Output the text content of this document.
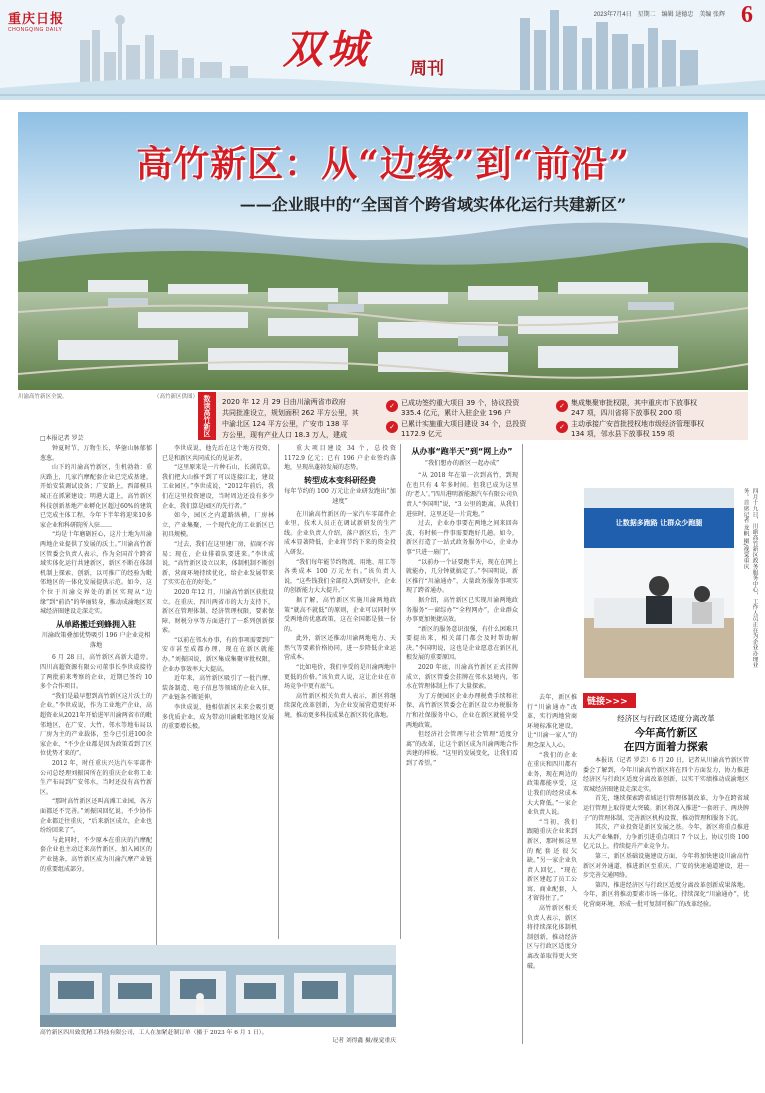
重庆日报
CHONGQING DAILY
2023年7月4日 星期二 编辑 逯德忠 美编 张辉 6
双城 周刊
高竹新区：从“边缘”到“前沿”
——企业眼中的“全国首个跨省域实体化运行共建新区”
川渝高竹新区全貌。	（高竹新区供图） 数读高竹新区	2020 年 12 月 29 日由川渝两省市政府
共同批准设立，规划面积 262 平方公里，其
中渝北区 124 平方公里，广安市 138 平
方公里，现有产业人口 18.3 万人，建成
✓ 已成功签约重大项目 39 个，协议投资
335.4 亿元，累计入驻企业 196 户
✓ 已累计实施重大项目建设 34 个，总投资
1172.9 亿元
✓ 集成集聚审批权限，其中重庆市下放事权
247 项，四川省将下放事权 200 项
✓ 主动承接广安首批授权地市级经济管理事权
134 项，邻水县下放事权 159 项
□本报记者 罗芸

钟夏时节，万物生长，华蓥山脉郁郁葱葱。

山下的川渝高竹新区，生机勃勃：重庆路上，几家汽摩配套企业已完成基建，开始安装调试设备；广安路上，西部模具城正在抓紧建设；明港大道上，高竹新区科技创新基地产业孵化区超过60%的建筑已完成主体工程，今年下半年将迎来10多家企业和科研院所入驻……

“均是十年磨砺匠心，这片土地为川渝两地企业提供了发展的沃土。”川渝高竹新区管委会负责人表示，作为全国首个跨省域实体化运行共建新区，新区不断在体制机制上探索、创新，以可推广的经验为毗邻地区的一体化发展提供示范。如今，这个位于川渝交界处的新区实现从“边缘”到“前沿”的华丽转身，推动成渝地区双城经济圈建设走深走实。

从单路搬迁到蜂拥入驻
川渝政策叠加优势吸引 196 户企业竞相落地

6 月 28 日，高竹新区高新大道旁，四川高超资源有限公司董事长李世成接待了两批前来考察的企业，近期已签约 10 多个合作项目。

“我们是最早想到高竹新区这片沃土的企业。”李世成说，作为工业地产企业，高超资业从2021年开始进军川渝两省市的毗邻地区，在广安、大竹、邻水等地布局以厂房为主的产业载体，至今已引进100余家企业，“不少企业都是因为政策看到了区位优势才来的”。

2012 年，时任重庆兴达汽车零部件公司总经理刘振国所在的重庆企业将工业生产布局到广安邻水，当时还没有高竹新区。

“那时高竹新区还叫高滩工业园，各方面都还不完善。”刘振国回忆说，不少协作企业都迁往重庆，“后来新区成立，企业也纷纷回来了”。

与此同时，不少原本在重庆的汽摩配套企业也主动迁来高竹新区，加入园区的产业链条，高竹新区成为川渝汽摩产业链的重要组成部分。

李世成说，他先后在这个地方投资，已是和新区共同成长的见证者。

“这里原来是一片种石山，长满荒草。我们把大山推平到了可以连接江北，建设工业园区。”李世成说，“2012年前后，我们在这里投资建设，当时周边还没有多少企业，我们算是园区的先行者。”

如今，园区之内道路纵横，厂房林立，产业集聚，一个现代化的工业新区已初具规模。

“过去，我们在这里建厂房，招商不容易；现在，企业排着队要进来。”李世成说，“高竹新区设立以来，体制机制不断创新，营商环境持续优化，给企业发展带来了实实在在的好处。”

2020 年12 月，川渝高竹新区获批设立。在重庆、四川两省市的大力支持下，新区在管理体制、经济管理权限、要素保障、财税分享等方面进行了一系列创新探索。

“以前在邻水办事，有的事项需要到广安市甚至成都办理，现在在新区就能办。”刘振国说，新区集成集聚审批权限，企业办事效率大大提高。

近年来，高竹新区吸引了一批汽摩、装备制造、电子信息等领域的企业入驻，产业链条不断延伸。

李世成说，他相信新区未来会吸引更多优质企业，成为带动川渝毗邻地区发展的重要增长极。

重大项目建设 34 个，总投资 1172.9 亿元；已有 196 户企业签约落地，呈现出蓬勃发展的态势。

转型成本变科研经费
每年节约的 100 万元让企业研发跑出“加速度”

在川渝高竹新区的一家汽车零部件企业里，技术人员正在调试新研发的生产线。企业负责人介绍，落户新区后，生产成本显著降低，企业将节约下来的资金投入研发。

“我们每年能节约物流、用地、用工等各类成本 100 万元左右。”该负责人说，“这些钱我们全部投入到研发中，企业的创新能力大大提升。”

据了解，高竹新区实施川渝两地政策“就高不就低”的原则，企业可以同时享受两地的优惠政策，这在全国都是独一份的。

此外，新区还推动川渝两地电力、天然气等要素价格协同，进一步降低企业运营成本。

“比如电价，我们享受的是川渝两地中更低的价格。”该负责人说，这让企业在市场竞争中更有底气。

高竹新区相关负责人表示，新区将继续深化改革创新，为企业发展营造更好环境，推动更多科技成果在新区转化落地。

从办事“跑半天”到“网上办”
“我们想办的新区一起办成”

“从 2018 年在第一次到高竹，到现在也只有 4 年多时间。但我已成为这里的‘老人’。”四川港明新能源汽车有限公司负责人“李国明”说，“3 公里的距离，从我们进驻时，这里还是一片荒地。”

过去，企业办事要在两地之间来回奔波，有时候一件事需要跑好几趟。如今，新区打造了一站式政务服务中心，企业办事“只进一扇门”。

“以前办一个证要跑半天，现在在网上就能办，几分钟就搞定了。”李国明说，新区推行“川渝通办”，大量政务服务事项实现了跨省通办。

据介绍，高竹新区已实现川渝两地政务服务“一窗综办”“全程网办”，企业群众办事更加便捷高效。

“新区的服务意识很强，有什么困难只要提出来，相关部门都会及时帮助解决。”李国明说，这也是企业愿意在新区扎根发展的重要原因。

2020 年底，川渝高竹新区正式挂牌成立，新区管委会挂牌在邻水县境内，邻水在管理体制上作了大量探索。

为了方便园区企业办理税费手续和社保，高竹新区管委会在新区设立办税服务厅和社保服务中心，企业在新区就能享受两地政策。

但经济社会管理与社会管理“适度分离”的改革，让这个新区成为川渝两地合作共建的样板。“这里的发展变化，让我们看到了希望。”

去年，新区推行“川渝通办”改革，实行两地营商环境标准化建设，让“川渝一家人”的理念深入人心。

“我们的企业在重庆和四川都有业务，现在两边的政策都能享受，这让我们的经营成本大大降低。”一家企业负责人说。

“当初，我们跟随重庆企业来到新区，那时候这里的配套还很欠缺。”另一家企业负责人回忆，“现在新区建起了员工公寓、商业配套，人才留得住了。”

高竹新区相关负责人表示，新区将持续深化体制机制创新，推动经济区与行政区适度分离改革取得更大突破。

让数据多跑路 让群众少跑腿	四月十九日，川渝高竹新区政务服务中心，工作人员正在为企业办理业务。首席记者 龙帆 摄/视觉重庆
高竹新区四川致优精工科技有限公司，工人在加紧赶制订单（摄于 2023 年 6 月 1 日）。
记者 刘得鑫 摄/视觉重庆
链接>>>
经济区与行政区适度分离改革
今年高竹新区
在四方面着力探索

本报讯（记者 罗芸）6 月 20 日，记者从川渝高竹新区管委会了解到，今年川渝高竹新区将在四个方面发力，协力推进经济区与行政区适度分离改革创新，以实干实绩推动成渝地区双城经济圈建设走深走实。

首先，继续探索跨省域运行管理体制改革，力争在跨省域运行管理上取得更大突破。新区将深入推进“一套班子、两块牌子”的管理体制，完善新区机构设置，推动管理和服务下沉。

其次，产业投资是新区发展之基。今年，新区将重点推进五大产业集群，力争新引进重点项目 7 个以上，协议引资 100 亿元以上，持续提升产业竞争力。

第三，新区基础设施建设方面，今年将加快建设川渝高竹新区对外通道，推进新区至重庆、广安的快速通道建设，进一步完善交通网络。

第四，推进经济区与行政区适度分离改革创新成果落地。今年，新区将推动要素市场一体化，持续深化“川渝通办”，优化营商环境，形成一批可复制可推广的改革经验。
